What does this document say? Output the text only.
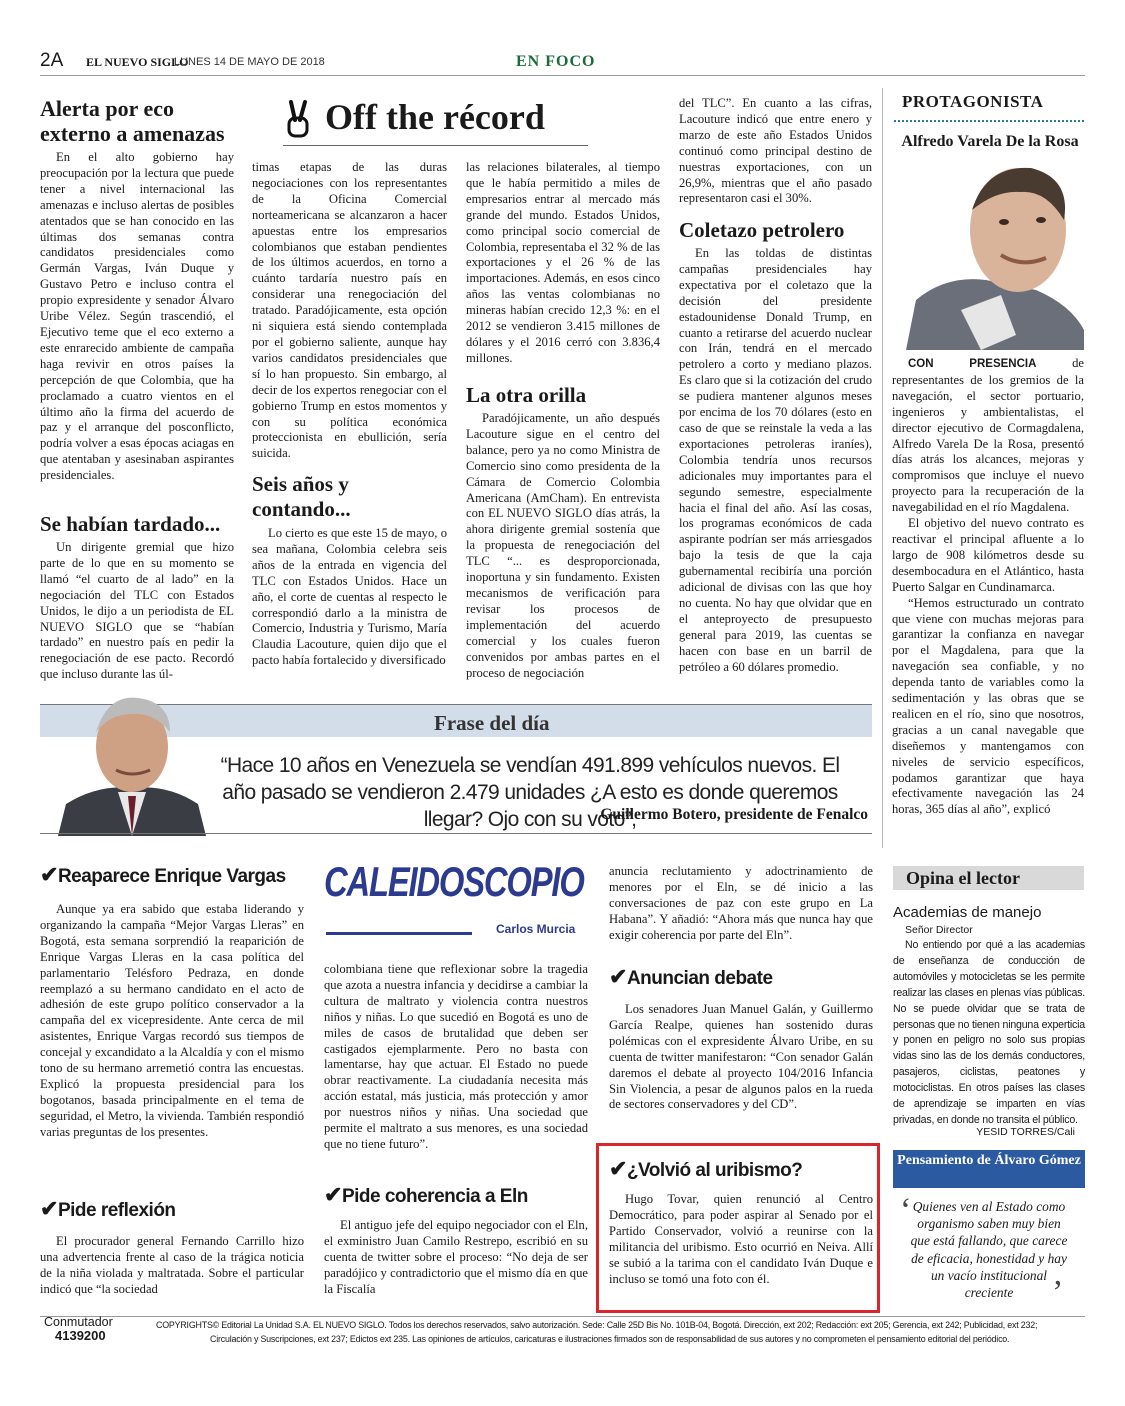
2A EL NUEVO SIGLO
LUNES 14 DE MAYO DE 2018	EN FOCO
Alerta por eco externo a amenazas

En el alto gobierno hay preocupación por la lectura que puede tener a nivel internacional las amenazas e incluso alertas de posibles atentados que se han conocido en las últimas dos semanas contra candidatos presidenciales como Germán Vargas, Iván Duque y Gustavo Petro e incluso contra el propio expresidente y senador Álvaro Uribe Vélez. Según trascendió, el Ejecutivo teme que el eco externo a este enrarecido ambiente de campaña haga revivir en otros países la percepción de que Colombia, que ha proclamado a cuatro vientos en el último año la firma del acuerdo de paz y el arranque del posconflicto, podría volver a esas épocas aciagas en que atentaban y asesinaban aspirantes presidenciales.

Se habían tardado...

Un dirigente gremial que hizo parte de lo que en su momento se llamó “el cuarto de al lado” en la negociación del TLC con Estados Unidos, le dijo a un periodista de EL NUEVO SIGLO que se “habían tardado” en nuestro país en pedir la renegociación de ese pacto. Recordó que incluso durante las úl-

Off the récord

timas etapas de las duras negociaciones con los representantes de la Oficina Comercial norteamericana se alcanzaron a hacer apuestas entre los empresarios colombianos que estaban pendientes de los últimos acuerdos, en torno a cuánto tardaría nuestro país en considerar una renegociación del tratado. Paradójicamente, esta opción ni siquiera está siendo contemplada por el gobierno saliente, aunque hay varios candidatos presidenciales que sí lo han propuesto. Sin embargo, al decir de los expertos renegociar con el gobierno Trump en estos momentos y con su política económica proteccionista en ebullición, sería suicida.

Seis años y contando...

Lo cierto es que este 15 de mayo, o sea mañana, Colombia celebra seis años de la entrada en vigencia del TLC con Estados Unidos. Hace un año, el corte de cuentas al respecto le correspondió darlo a la ministra de Comercio, Industria y Turismo, María Claudia Lacouture, quien dijo que el pacto había fortalecido y diversificado

las relaciones bilaterales, al tiempo que le había permitido a miles de empresarios entrar al mercado más grande del mundo. Estados Unidos, como principal socio comercial de Colombia, representaba el 32 % de las exportaciones y el 26 % de las importaciones. Además, en esos cinco años las ventas colombianas no mineras habían crecido 12,3 %: en el 2012 se vendieron 3.415 millones de dólares y el 2016 cerró con 3.836,4 millones.

La otra orilla

Paradójicamente, un año después Lacouture sigue en el centro del balance, pero ya no como Ministra de Comercio sino como presidenta de la Cámara de Comercio Colombia Americana (AmCham). En entrevista con EL NUEVO SIGLO días atrás, la ahora dirigente gremial sostenía que la propuesta de renegociación del TLC “... es desproporcionada, inoportuna y sin fundamento. Existen mecanismos de verificación para revisar los procesos de implementación del acuerdo comercial y los cuales fueron convenidos por ambas partes en el proceso de negociación

del TLC”. En cuanto a las cifras, Lacouture indicó que entre enero y marzo de este año Estados Unidos continuó como principal destino de nuestras exportaciones, con un 26,9%, mientras que el año pasado representaron casi el 30%.

Coletazo petrolero

En las toldas de distintas campañas presidenciales hay expectativa por el coletazo que la decisión del presidente estadounidense Donald Trump, en cuanto a retirarse del acuerdo nuclear con Irán, tendrá en el mercado petrolero a corto y mediano plazos. Es claro que si la cotización del crudo se pudiera mantener algunos meses por encima de los 70 dólares (esto en caso de que se reinstale la veda a las exportaciones petroleras iraníes), Colombia tendría unos recursos adicionales muy importantes para el segundo semestre, especialmente hacia el final del año. Así las cosas, los programas económicos de cada aspirante podrían ser más arriesgados bajo la tesis de que la caja gubernamental recibiría una porción adicional de divisas con las que hoy no cuenta. No hay que olvidar que en el anteproyecto de presupuesto general para 2019, las cuentas se hacen con base en un barril de petróleo a 60 dólares promedio.

PROTAGONISTA
Alfredo Varela De la Rosa

CON PRESENCIA	de representantes de los gremios de la navegación, el sector portuario, ingenieros y ambientalistas, el director ejecutivo de Cormagdalena, Alfredo Varela De la Rosa, presentó días atrás los alcances, mejoras y compromisos que incluye el nuevo proyecto para la recuperación de la navegabilidad en el río Magdalena.

El objetivo del nuevo contrato es reactivar el principal afluente a lo largo de 908 kilómetros desde su desembocadura en el Atlántico, hasta Puerto Salgar en Cundinamarca.

“Hemos estructurado un contrato que viene con muchas mejoras para garantizar la confianza en navegar por el Magdalena, para que la navegación sea confiable, y no dependa tanto de variables como la sedimentación y las obras que se realicen en el río, sino que nosotros, gracias a un canal navegable que diseñemos y mantengamos con niveles de servicio específicos, podamos garantizar que haya efectivamente navegación las 24 horas, 365 días al año”, explicó

Frase del día
“Hace 10 años en Venezuela se vendían 491.899 vehículos nuevos. El año pasado se vendieron 2.479 unidades ¿A esto es donde queremos llegar? Ojo con su voto”,
Guillermo Botero, presidente de Fenalco
✔Reaparece Enrique Vargas

Aunque ya era sabido que estaba liderando y organizando la campaña “Mejor Vargas Lleras” en Bogotá, esta semana sorprendió la reaparición de Enrique Vargas Lleras en la casa política del parlamentario Telésforo Pedraza, en donde reemplazó a su hermano candidato en el acto de adhesión de este grupo político conservador a la campaña del ex vicepresidente. Ante cerca de mil asistentes, Enrique Vargas recordó sus tiempos de concejal y excandidato a la Alcaldía y con el mismo tono de su hermano arremetió contra las encuestas. Explicó la propuesta presidencial para los bogotanos, basada principalmente en el tema de seguridad, el Metro, la vivienda. También respondió varias preguntas de los presentes.

✔Pide reflexión

El procurador general Fernando Carrillo hizo una advertencia frente al caso de la trágica noticia de la niña violada y maltratada. Sobre el particular indicó que “la sociedad

CALEIDOSCOPIO
Carlos Murcia

colombiana tiene que reflexionar sobre la tragedia que azota a nuestra infancia y decidirse a cambiar la cultura de maltrato y violencia contra nuestros niños y niñas. Lo que sucedió en Bogotá es uno de miles de casos de brutalidad que deben ser castigados ejemplarmente. Pero no basta con lamentarse, hay que actuar. El Estado no puede obrar reactivamente. La ciudadanía necesita más acción estatal, más justicia, más protección y amor por nuestros niños y niñas. Una sociedad que permite el maltrato a sus menores, es una sociedad que no tiene futuro”.

✔Pide coherencia a Eln

El antiguo jefe del equipo negociador con el Eln, el exministro Juan Camilo Restrepo, escribió en su cuenta de twitter sobre el proceso: “No deja de ser paradójico y contradictorio que el mismo día en que la Fiscalía

anuncia reclutamiento y adoctrinamiento de menores por el Eln, se dé inicio a las conversaciones de paz con este grupo en La Habana”. Y añadió: “Ahora más que nunca hay que exigir coherencia por parte del Eln”.

✔Anuncian debate

Los senadores Juan Manuel Galán, y Guillermo García Realpe, quienes han sostenido duras polémicas con el expresidente Álvaro Uribe, en su cuenta de twitter manifestaron: “Con senador Galán daremos el debate al proyecto 104/2016 Infancia Sin Violencia, a pesar de algunos palos en la rueda de sectores conservadores y del CD”.

✔¿Volvió al uribismo?

Hugo Tovar, quien renunció al Centro Democrático, para poder aspirar al Senado por el Partido Conservador, volvió a reunirse con la militancia del uribismo. Esto ocurrió en Neiva. Allí se subió a la tarima con el candidato Iván Duque e incluso se tomó una foto con él.

Opina el lector
Academias de manejo
Señor Director
No entiendo por qué a las academias de enseñanza de conducción de automóviles y motocicletas se les permite realizar las clases en plenas vías públicas. No se puede olvidar que se trata de personas que no tienen ninguna experticia y ponen en peligro no solo sus propias vidas sino las de los demás conductores, pasajeros, ciclistas, peatones y motociclistas. En otros países las clases de aprendizaje se imparten en vías privadas, en donde no transita el público.
YESID TORRES/Cali
Pensamiento de Álvaro Gómez
‘ Quienes ven al Estado como organismo saben muy bien que está fallando, que carece de eficacia, honestidad y hay un vacío institucional creciente	’
Conmutador
4139200
COPYRIGHTS© Editorial La Unidad S.A. EL NUEVO SIGLO. Todos los derechos reservados, salvo autorización. Sede: Calle 25D Bis No. 101B-04, Bogotá. Dirección, ext 202; Redacción: ext 205; Gerencia, ext 242; Publicidad, ext 232;
Circulación y Suscripciones, ext 237; Edictos ext 235. Las opiniones de artículos, caricaturas e ilustraciones firmados son de responsabilidad de sus autores y no comprometen el pensamiento editorial del periódico.
